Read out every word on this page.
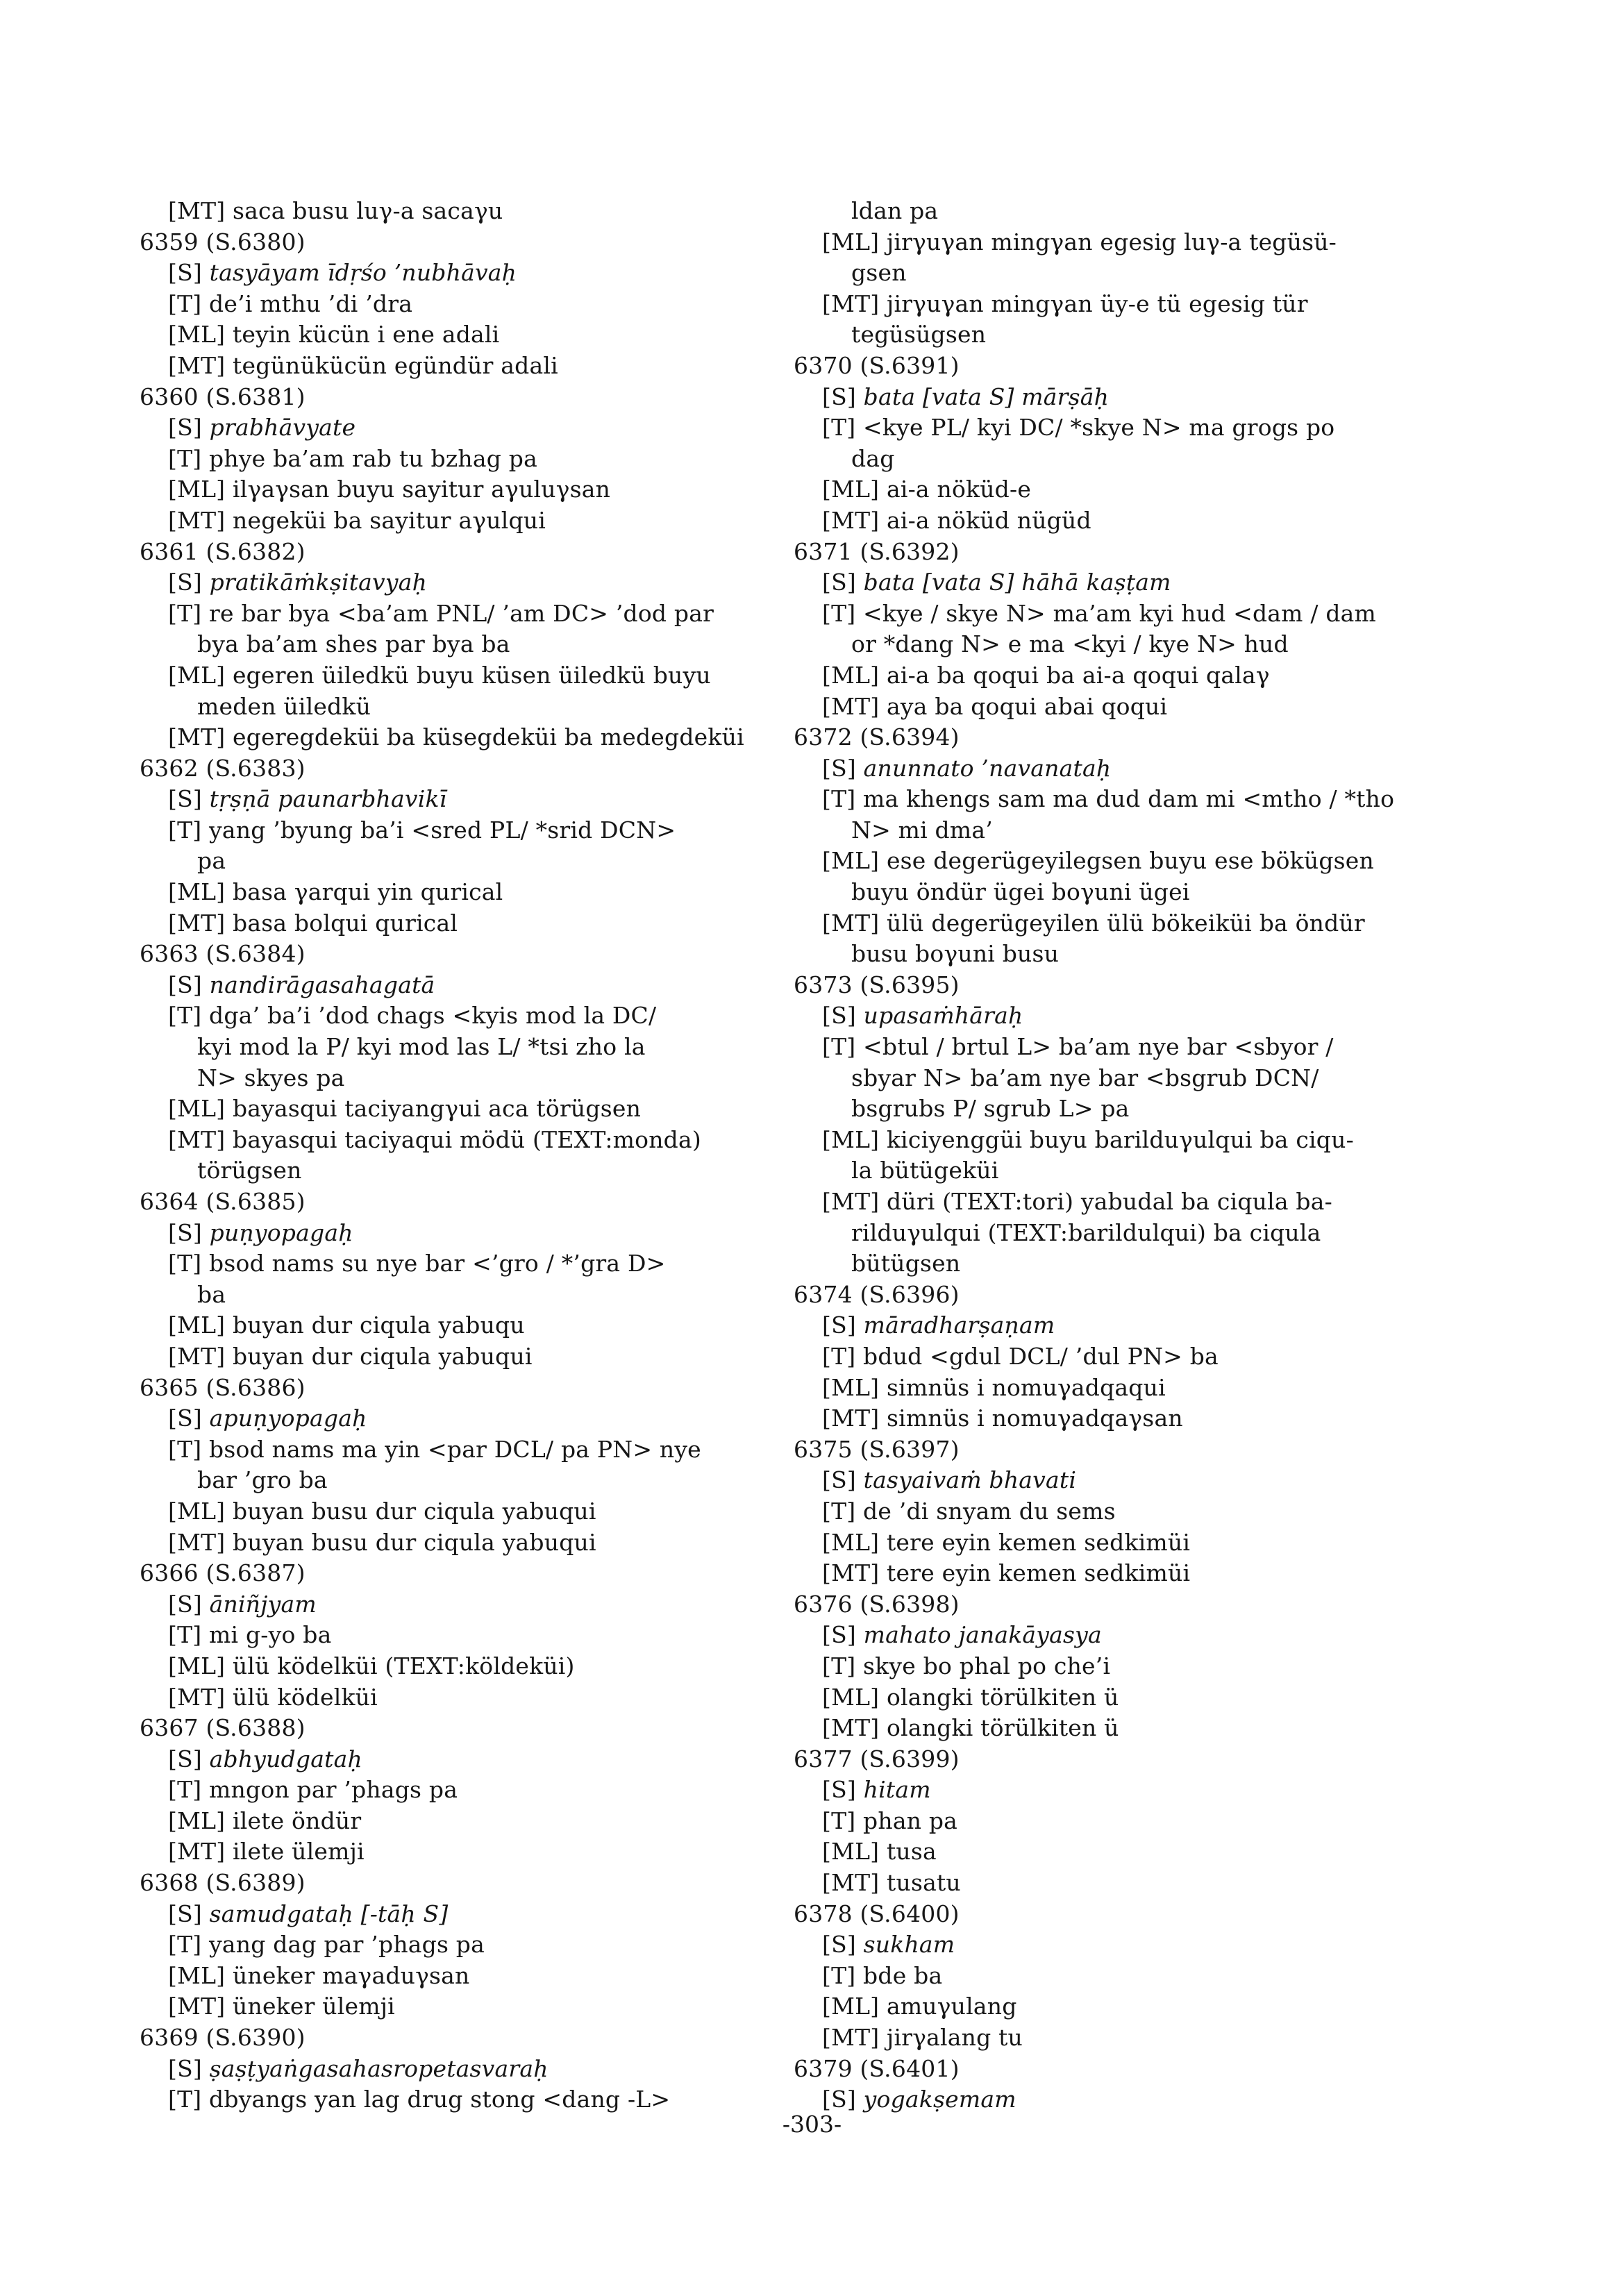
[MT] saca busu luγ-a sacaγu
6359 (S.6380)
[S] tasyāyam īdṛśo ’nubhāvaḥ
[T] de’i mthu ’di ’dra
[ML] teyin kücün i ene adali
[MT] tegünükücün egündür adali
6360 (S.6381)
[S] prabhāvyate
[T] phye ba’am rab tu bzhag pa
[ML] ilγaγsan buyu sayitur aγuluγsan
[MT] negeküi ba sayitur aγulqui
6361 (S.6382)
[S] pratikāṁkṣitavyaḥ
[T] re bar bya <ba’am PNL/ ’am DC> ’dod par
bya ba’am shes par bya ba
[ML] egeren üiledkü buyu küsen üiledkü buyu
meden üiledkü
[MT] egeregdeküi ba küsegdeküi ba medegdeküi
6362 (S.6383)
[S] tṛṣṇā paunarbhavikī
[T] yang ’byung ba’i <sred PL/ *srid DCN>
pa
[ML] basa γarqui yin qurical
[MT] basa bolqui qurical
6363 (S.6384)
[S] nandirāgasahagatā
[T] dga’ ba’i ’dod chags <kyis mod la DC/
kyi mod la P/ kyi mod las L/ *tsi zho la
N> skyes pa
[ML] bayasqui taciyangγui aca törügsen
[MT] bayasqui taciyaqui mödü (TEXT:monda)
törügsen
6364 (S.6385)
[S] puṇyopagaḥ
[T] bsod nams su nye bar <’gro / *’gra D>
ba
[ML] buyan dur ciqula yabuqu
[MT] buyan dur ciqula yabuqui
6365 (S.6386)
[S] apuṇyopagaḥ
[T] bsod nams ma yin <par DCL/ pa PN> nye
bar ’gro ba
[ML] buyan busu dur ciqula yabuqui
[MT] buyan busu dur ciqula yabuqui
6366 (S.6387)
[S] āniñjyam
[T] mi g-yo ba
[ML] ülü ködelküi (TEXT:köldeküi)
[MT] ülü ködelküi
6367 (S.6388)
[S] abhyudgataḥ
[T] mngon par ’phags pa
[ML] ilete öndür
[MT] ilete ülemji
6368 (S.6389)
[S] samudgataḥ [-tāḥ S]
[T] yang dag par ’phags pa
[ML] üneker maγaduγsan
[MT] üneker ülemji
6369 (S.6390)
[S] ṣaṣṭyaṅgasahasropetasvaraḥ
[T] dbyangs yan lag drug stong <dang -L>
ldan pa
[ML] jirγuγan mingγan egesig luγ-a tegüsü-
gsen
[MT] jirγuγan mingγan üy-e tü egesig tür
tegüsügsen
6370 (S.6391)
[S] bata [vata S] mārṣāḥ
[T] <kye PL/ kyi DC/ *skye N> ma grogs po
dag
[ML] ai-a nöküd-e
[MT] ai-a nöküd nügüd
6371 (S.6392)
[S] bata [vata S] hāhā kaṣṭam
[T] <kye / skye N> ma’am kyi hud <dam / dam
or *dang N> e ma <kyi / kye N> hud
[ML] ai-a ba qoqui ba ai-a qoqui qalaγ
[MT] aya ba qoqui abai qoqui
6372 (S.6394)
[S] anunnato ’navanataḥ
[T] ma khengs sam ma dud dam mi <mtho / *tho
N> mi dma’
[ML] ese degerügeyilegsen buyu ese bökügsen
buyu öndür ügei boγuni ügei
[MT] ülü degerügeyilen ülü bökeiküi ba öndür
busu boγuni busu
6373 (S.6395)
[S] upasaṁhāraḥ
[T] <btul / brtul L> ba’am nye bar <sbyor /
sbyar N> ba’am nye bar <bsgrub DCN/
bsgrubs P/ sgrub L> pa
[ML] kiciyenggüi buyu barilduγulqui ba ciqu-
la bütügeküi
[MT] düri (TEXT:tori) yabudal ba ciqula ba-
rilduγulqui (TEXT:barildulqui) ba ciqula
bütügsen
6374 (S.6396)
[S] māradharṣaṇam
[T] bdud <gdul DCL/ ’dul PN> ba
[ML] simnüs i nomuγadqaqui
[MT] simnüs i nomuγadqaγsan
6375 (S.6397)
[S] tasyaivaṁ bhavati
[T] de ’di snyam du sems
[ML] tere eyin kemen sedkimüi
[MT] tere eyin kemen sedkimüi
6376 (S.6398)
[S] mahato janakāyasya
[T] skye bo phal po che’i
[ML] olangki törülkiten ü
[MT] olangki törülkiten ü
6377 (S.6399)
[S] hitam
[T] phan pa
[ML] tusa
[MT] tusatu
6378 (S.6400)
[S] sukham
[T] bde ba
[ML] amuγulang
[MT] jirγalang tu
6379 (S.6401)
[S] yogakṣemam
-303-
